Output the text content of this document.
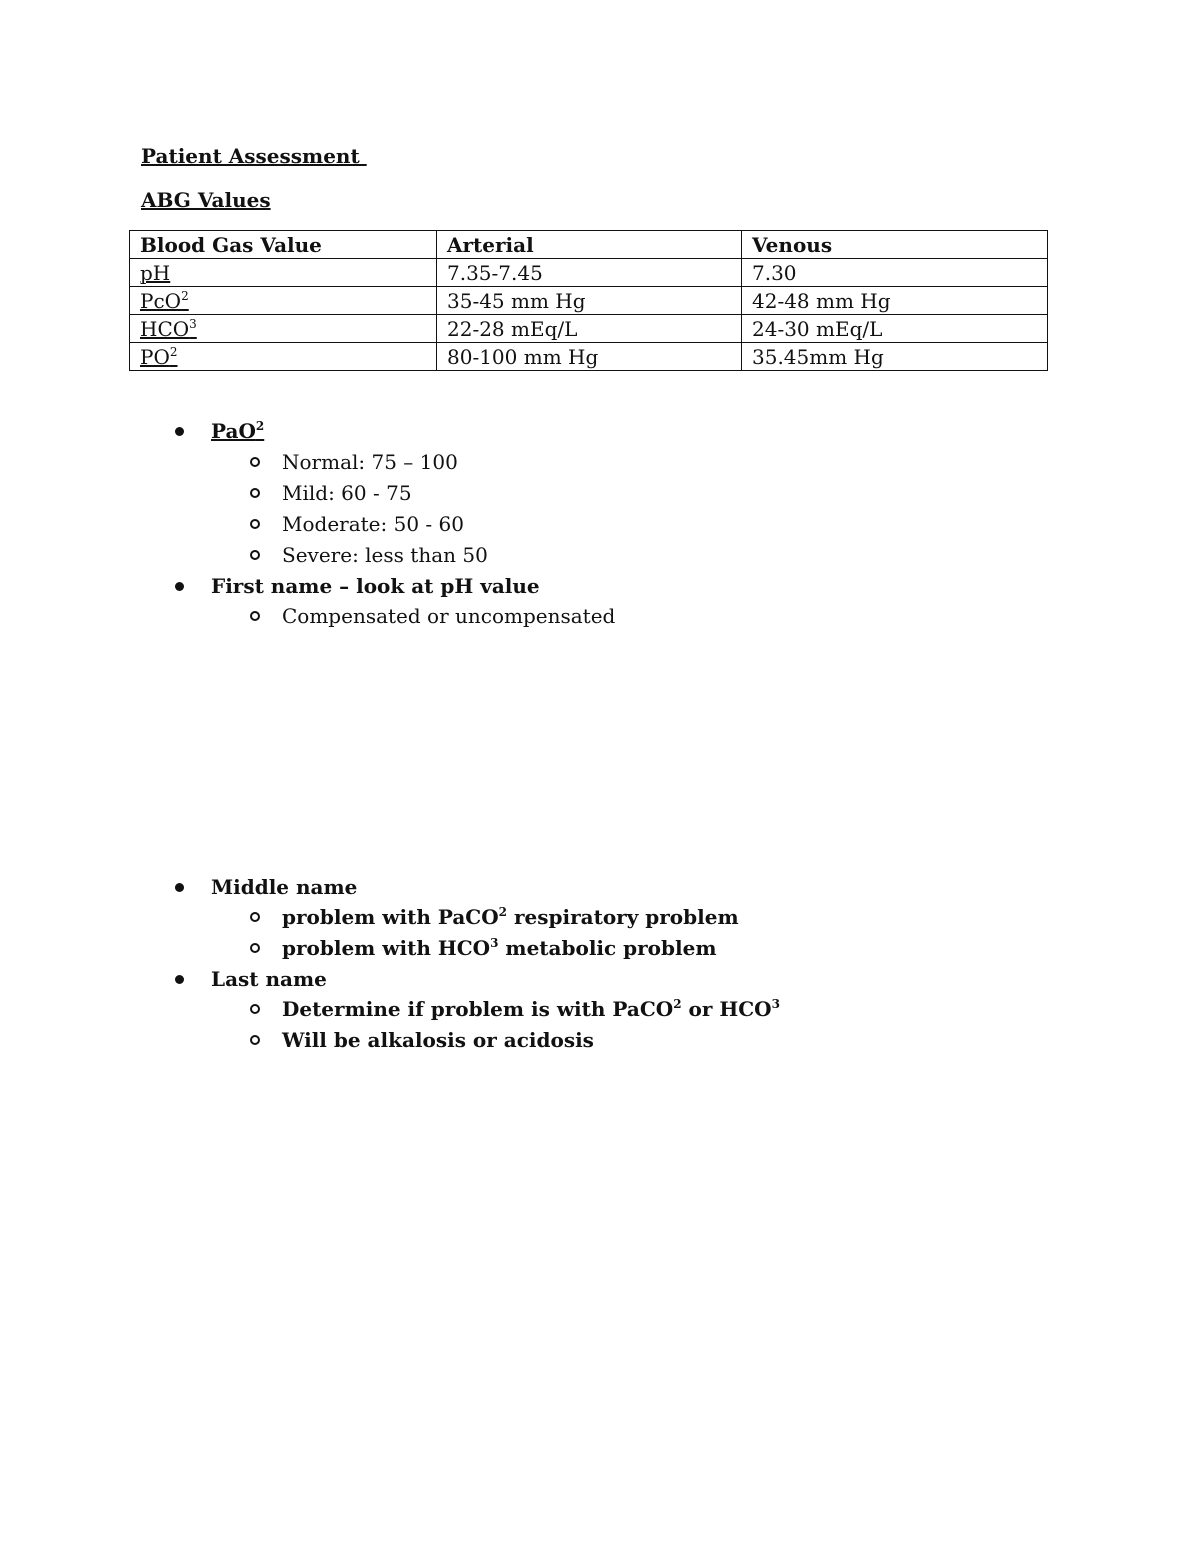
Patient Assessment
ABG Values
Blood Gas Value	Arterial	Venous
pH	7.35-7.45	7.30
PcO$^2$	35-45 mm Hg	42-48 mm Hg
HCO$^3$	22-28 mEq/L	24-30 mEq/L
$PO^2$	80-100 mm Hg	35.45mm Hg
PaO$^2$
Normal: 75 – 100
Mild: 60 - 75
Moderate: 50 - 60
Severe: less than 50
First name – look at pH value
Compensated or uncompensated
Middle name
problem with PaCO$^2$ respiratory problem
problem with HCO$^3$ metabolic problem
Last name
Determine if problem is with PaCO$^2$ or HCO$^3$
Will be alkalosis or acidosis
